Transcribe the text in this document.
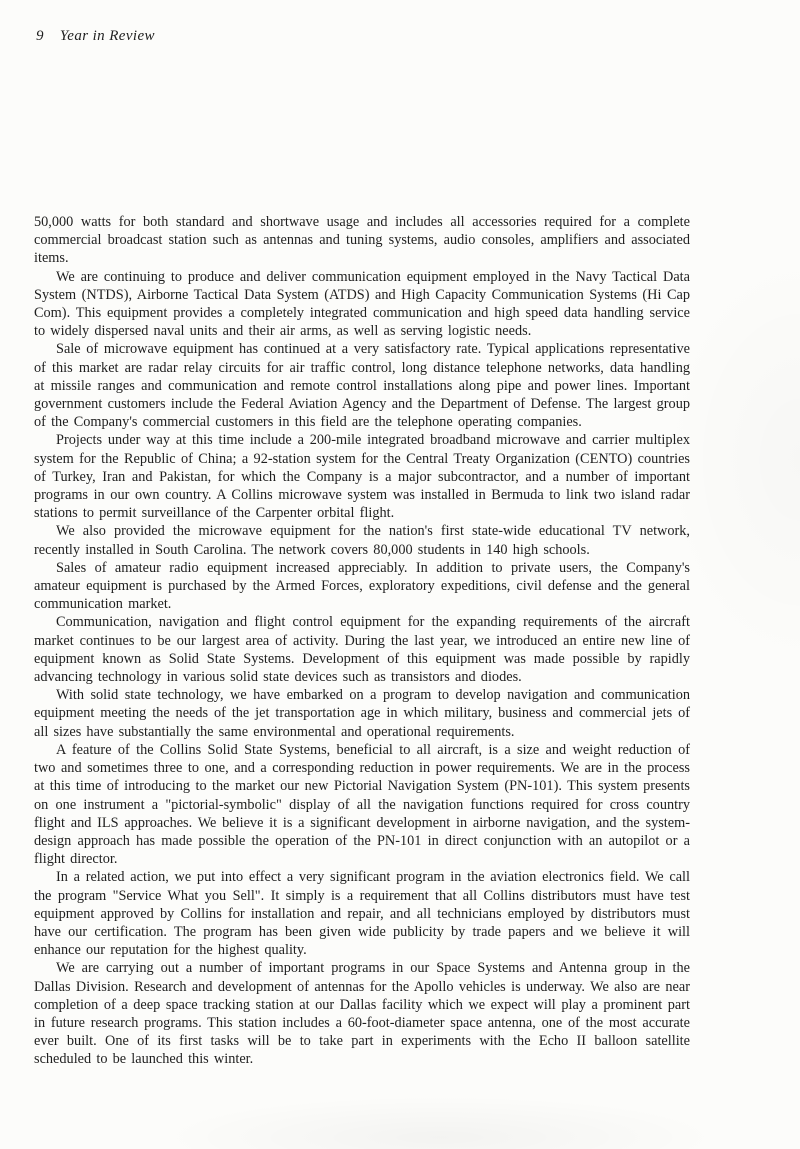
9 Year in Review

50,000 watts for both standard and shortwave usage and includes all accessories required for a complete commercial broadcast station such as antennas and tuning systems, audio consoles, amplifiers and associated items.

We are continuing to produce and deliver communication equipment employed in the Navy Tactical Data System (NTDS), Airborne Tactical Data System (ATDS) and High Capacity Communication Systems (Hi Cap Com). This equipment provides a completely integrated communication and high speed data handling service to widely dispersed naval units and their air arms, as well as serving logistic needs.

Sale of microwave equipment has continued at a very satisfactory rate. Typical applications representative of this market are radar relay circuits for air traffic control, long distance telephone networks, data handling at missile ranges and communication and remote control installations along pipe and power lines. Important government customers include the Federal Aviation Agency and the Department of Defense. The largest group of the Company's commercial customers in this field are the telephone operating companies.

Projects under way at this time include a 200-mile integrated broadband microwave and carrier multiplex system for the Republic of China; a 92-station system for the Central Treaty Organization (CENTO) countries of Turkey, Iran and Pakistan, for which the Company is a major subcontractor, and a number of important programs in our own country. A Collins microwave system was installed in Bermuda to link two island radar stations to permit surveillance of the Carpenter orbital flight.

We also provided the microwave equipment for the nation's first state-wide educational TV network, recently installed in South Carolina. The network covers 80,000 students in 140 high schools.

Sales of amateur radio equipment increased appreciably. In addition to private users, the Company's amateur equipment is purchased by the Armed Forces, exploratory expeditions, civil defense and the general communication market.

Communication, navigation and flight control equipment for the expanding requirements of the aircraft market continues to be our largest area of activity. During the last year, we introduced an entire new line of equipment known as Solid State Systems. Development of this equipment was made possible by rapidly advancing technology in various solid state devices such as transistors and diodes.

With solid state technology, we have embarked on a program to develop navigation and communication equipment meeting the needs of the jet transportation age in which military, business and commercial jets of all sizes have substantially the same environmental and operational requirements.

A feature of the Collins Solid State Systems, beneficial to all aircraft, is a size and weight reduction of two and sometimes three to one, and a corresponding reduction in power requirements. We are in the process at this time of introducing to the market our new Pictorial Navigation System (PN-101). This system presents on one instrument a "pictorial-symbolic" display of all the navigation functions required for cross country flight and ILS approaches. We believe it is a significant development in airborne navigation, and the system-design approach has made possible the operation of the PN-101 in direct conjunction with an autopilot or a flight director.

In a related action, we put into effect a very significant program in the aviation electronics field. We call the program "Service What you Sell". It simply is a requirement that all Collins distributors must have test equipment approved by Collins for installation and repair, and all technicians employed by distributors must have our certification. The program has been given wide publicity by trade papers and we believe it will enhance our reputation for the highest quality.

We are carrying out a number of important programs in our Space Systems and Antenna group in the Dallas Division. Research and development of antennas for the Apollo vehicles is underway. We also are near completion of a deep space tracking station at our Dallas facility which we expect will play a prominent part in future research programs. This station includes a 60-foot-diameter space antenna, one of the most accurate ever built. One of its first tasks will be to take part in experiments with the Echo II balloon satellite scheduled to be launched this winter.
